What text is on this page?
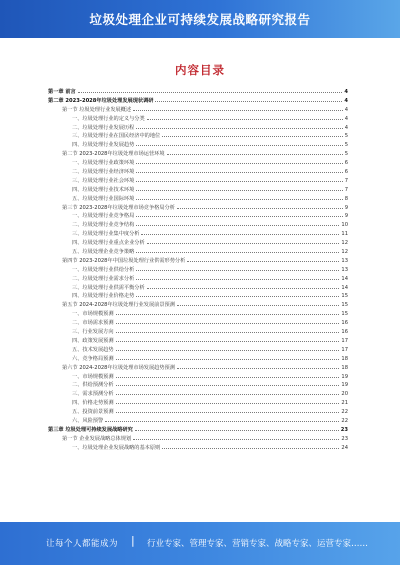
垃圾处理企业可持续发展战略研究报告
内容目录
第一章 前言	4
第二章 2023-2028年垃圾处理发展现状调研	4
第一节 垃圾处理行业发展概述	4
一、垃圾处理行业的定义与分类	4
二、垃圾处理行业发展历程	4
三、垃圾处理行业在国民经济中的地位	5
四、垃圾处理行业发展趋势	5
第二节 2023-2028年垃圾处理市场运营环境	5
一、垃圾处理行业政策环境	6
二、垃圾处理行业经济环境	6
三、垃圾处理行业社会环境	7
四、垃圾处理行业技术环境	7
五、垃圾处理行业国际环境	8
第三节 2023-2028年垃圾处理市场竞争格局分析	9
一、垃圾处理行业竞争格局	9
二、垃圾处理行业竞争结构	10
三、垃圾处理行业集中度分析	11
四、垃圾处理行业重点企业分析	12
五、垃圾处理企业竞争策略	12
第四节 2023-2028年中国垃圾处理行业供需形势分析	13
一、垃圾处理行业供给分析	13
二、垃圾处理行业需求分析	14
三、垃圾处理行业供需平衡分析	14
四、垃圾处理行业价格走势	15
第五节 2024-2028年垃圾处理行业发展前景预测	15
一、市场规模预测	15
二、市场需求预测	16
三、行业发展方向	16
四、政策发展预测	17
五、技术发展趋势	17
六、竞争格局预测	18
第六节 2024-2028年垃圾处理市场发展趋势预测	18
一、市场规模预测	19
二、供给预测分析	19
三、需求预测分析	20
四、价格走势预测	21
五、投资前景预测	22
六、风险预警	22
第三章 垃圾处理可持续发展战略研究	23
第一节 企业发展战略总体规划	23
一、垃圾处理企业发展战略的基本原则	24
让每个人都能成为 | 行业专家、管理专家、营销专家、战略专家、运营专家……
